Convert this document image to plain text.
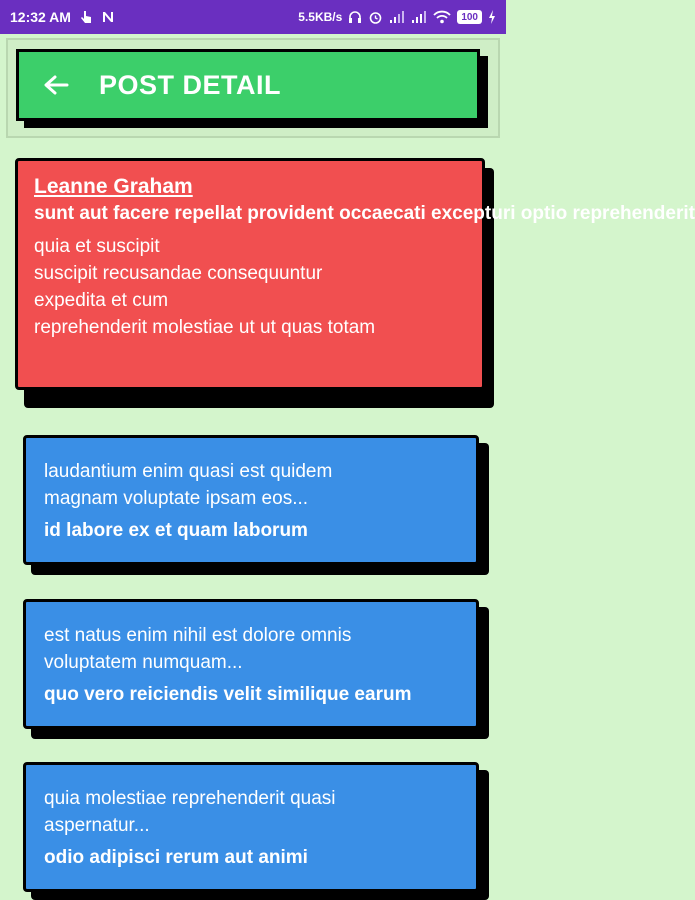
12:32 AM	5.5KB/s	100
POST DETAIL
Leanne Graham
sunt aut facere repellat provident occaecati excepturi optio reprehenderit
quia et suscipit
suscipit recusandae consequuntur
expedita et cum
reprehenderit molestiae ut ut quas totam
laudantium enim quasi est quidem
magnam voluptate ipsam eos...
id labore ex et quam laborum
est natus enim nihil est dolore omnis
voluptatem numquam...
quo vero reiciendis velit similique earum
quia molestiae reprehenderit quasi
aspernatur...
odio adipisci rerum aut animi
